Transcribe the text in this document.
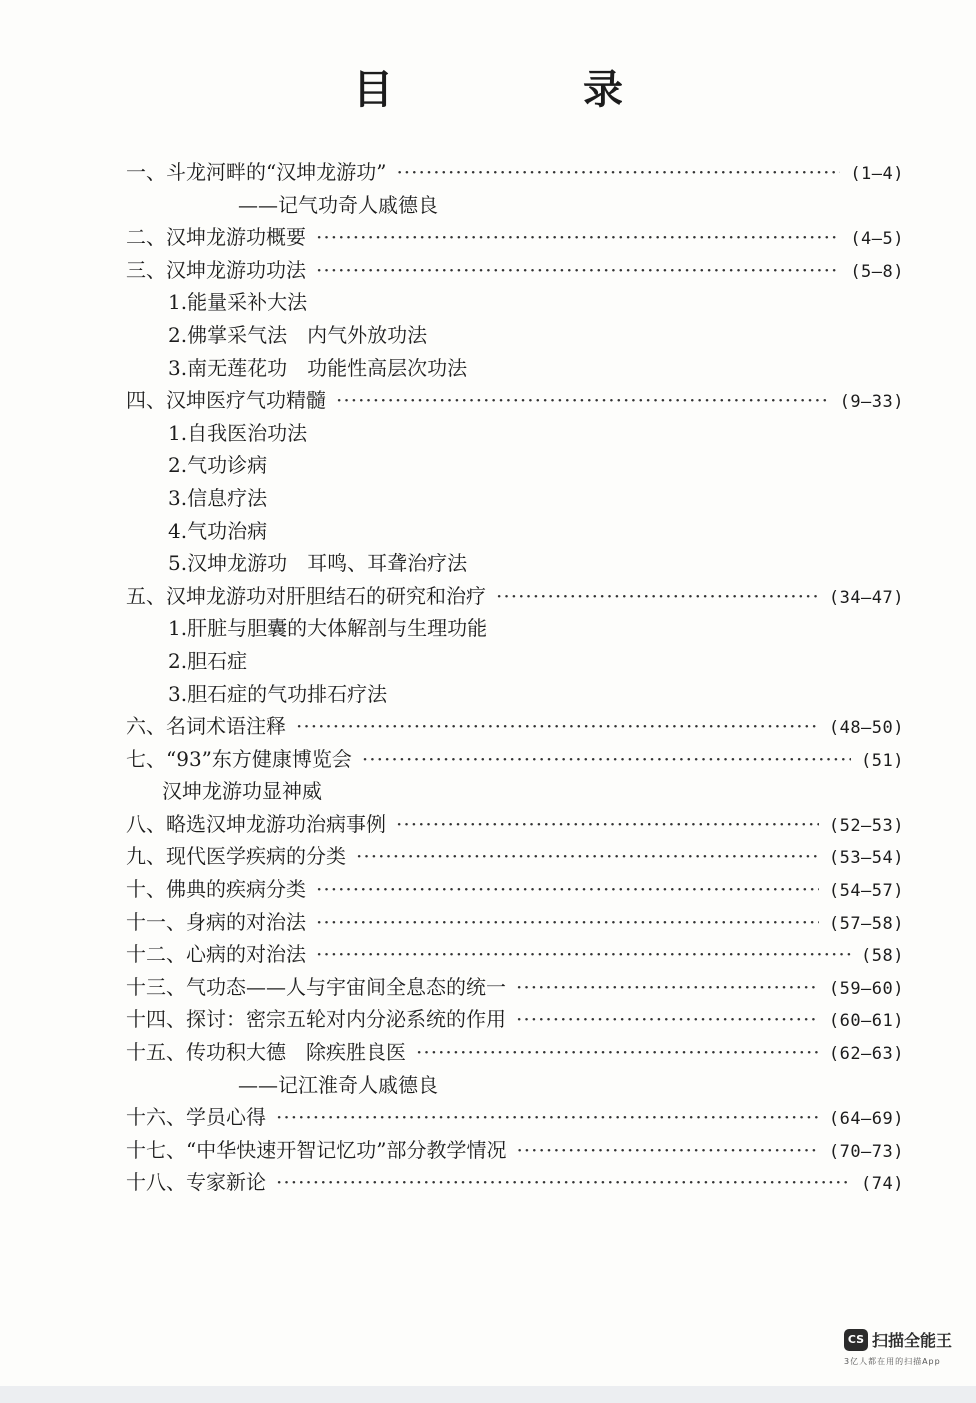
目 录
一、斗龙河畔的“汉坤龙游功” ·····	(1—4)
——记气功奇人戚德良
二、汉坤龙游功概要 ·····	(4—5)
三、汉坤龙游功功法 ·····	(5—8)
1.能量采补大法
2.佛掌采气法　内气外放功法
3.南无莲花功　功能性高层次功法
四、汉坤医疗气功精髓 ·····	(9—33)
1.自我医治功法
2.气功诊病
3.信息疗法
4.气功治病
5.汉坤龙游功　耳鸣、耳聋治疗法
五、汉坤龙游功对肝胆结石的研究和治疗 ·····	(34—47)
1.肝脏与胆囊的大体解剖与生理功能
2.胆石症
3.胆石症的气功排石疗法
六、名词术语注释 ·····	(48—50)
七、“93”东方健康博览会 ·····	(51)
汉坤龙游功显神威
八、略选汉坤龙游功治病事例 ·····	(52—53)
九、现代医学疾病的分类 ·····	(53—54)
十、佛典的疾病分类 ·····	(54—57)
十一、身病的对治法 ·····	(57—58)
十二、心病的对治法 ·····	(58)
十三、气功态——人与宇宙间全息态的统一 ·····	(59—60)
十四、探讨：密宗五轮对内分泌系统的作用 ·····	(60—61)
十五、传功积大德　除疾胜良医 ·····	(62—63)
——记江淮奇人戚德良
十六、学员心得 ·····	(64—69)
十七、“中华快速开智记忆功”部分教学情况 ·····	(70—73)
十八、专家新论 ·····	(74)
CS 扫描全能王
3亿人都在用的扫描App
